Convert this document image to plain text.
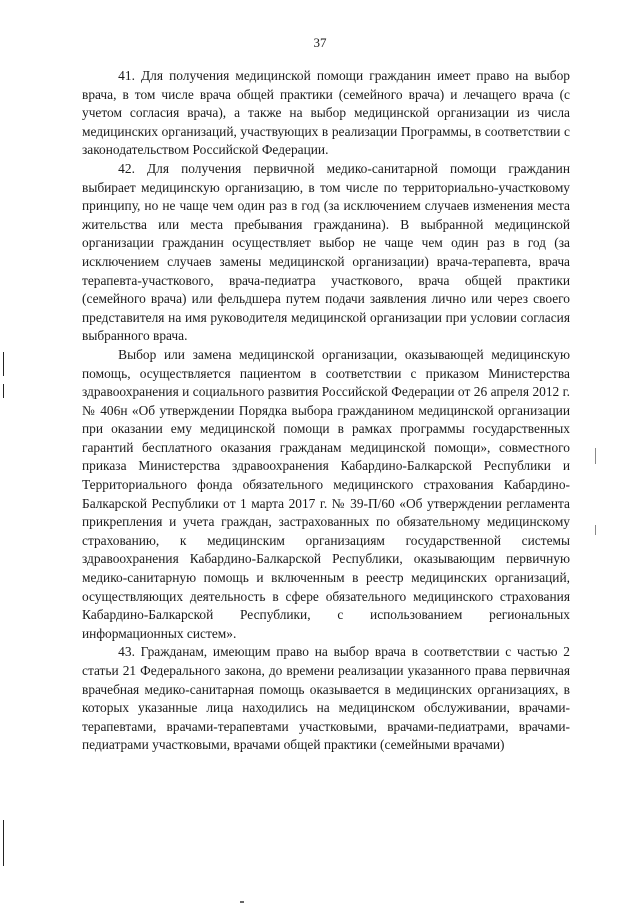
37

41. Для получения медицинской помощи гражданин имеет право на выбор врача, в том числе врача общей практики (семейного врача) и лечащего врача (с учетом согласия врача), а также на выбор медицинской организации из числа медицинских организаций, участвующих в реализации Программы, в соответствии с законодательством Российской Федерации.

42. Для получения первичной медико-санитарной помощи гражданин выбирает медицинскую организацию, в том числе по территориально-участковому принципу, но не чаще чем один раз в год (за исключением случаев изменения места жительства или места пребывания гражданина). В выбранной медицинской организации гражданин осуществляет выбор не чаще чем один раз в год (за исключением случаев замены медицинской организации) врача-терапевта, врача терапевта-участкового, врача-педиатра участкового, врача общей практики (семейного врача) или фельдшера путем подачи заявления лично или через своего представителя на имя руководителя медицинской организации при условии согласия выбранного врача.

Выбор или замена медицинской организации, оказывающей медицинскую помощь, осуществляется пациентом в соответствии с приказом Министерства здравоохранения и социального развития Российской Федерации от 26 апреля 2012 г. № 406н «Об утверждении Порядка выбора гражданином медицинской организации при оказании ему медицинской помощи в рамках программы государственных гарантий бесплатного оказания гражданам медицинской помощи», совместного приказа Министерства здравоохранения Кабардино-Балкарской Республики и Территориального фонда обязательного медицинского страхования Кабардино-Балкарской Республики от 1 марта 2017 г. № 39-П/60 «Об утверждении регламента прикрепления и учета граждан, застрахованных по обязательному медицинскому страхованию, к медицинским организациям государственной системы здравоохранения Кабардино-Балкарской Республики, оказывающим первичную медико-санитарную помощь и включенным в реестр медицинских организаций, осуществляющих деятельность в сфере обязательного медицинского страхования Кабардино-Балкарской Республики, с использованием региональных информационных систем».

43. Гражданам, имеющим право на выбор врача в соответствии с частью 2 статьи 21 Федерального закона, до времени реализации указанного права первичная врачебная медико-санитарная помощь оказывается в медицинских организациях, в которых указанные лица находились на медицинском обслуживании, врачами-терапевтами, врачами-терапевтами участковыми, врачами-педиатрами, врачами-педиатрами участковыми, врачами общей практики (семейными врачами)
